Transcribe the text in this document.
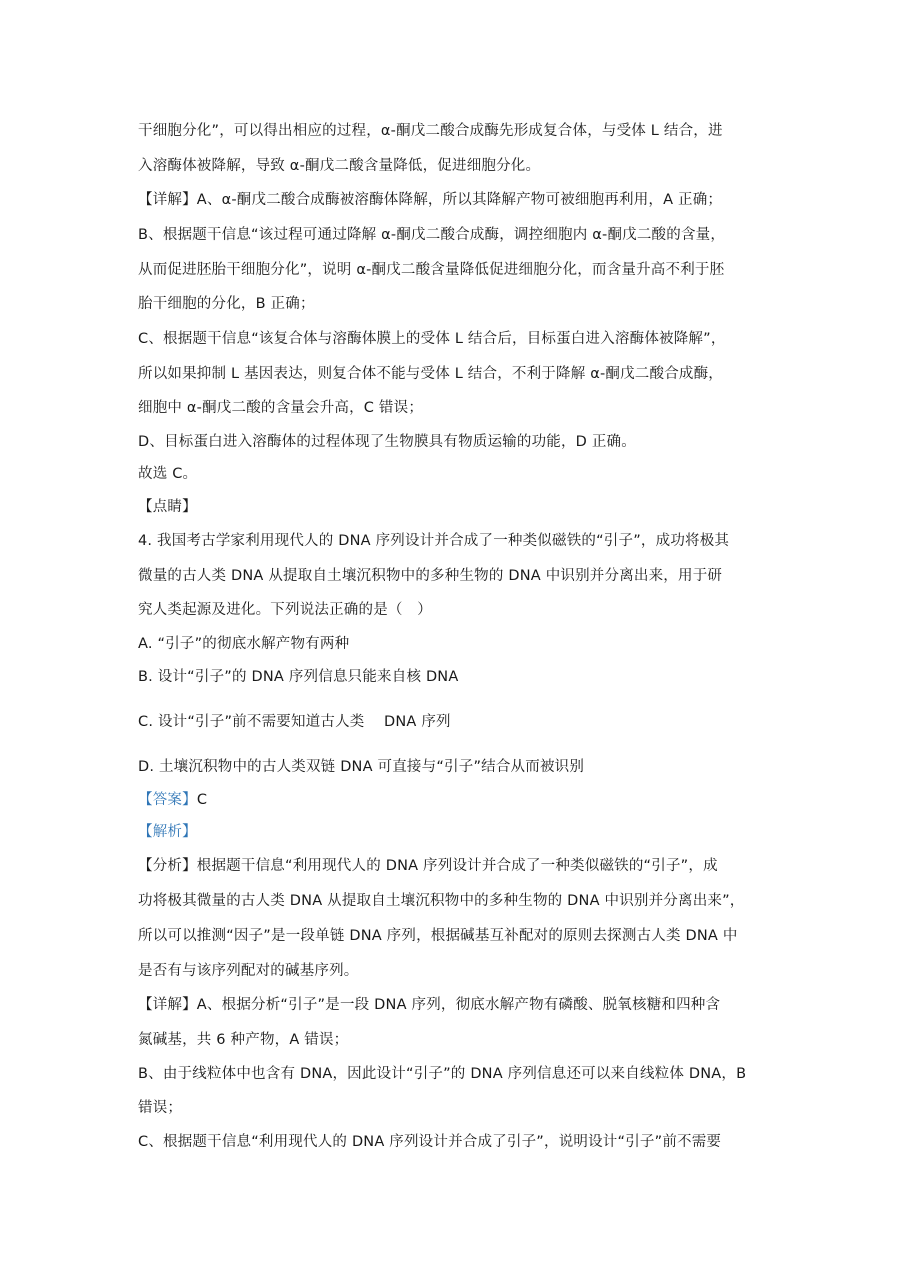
干细胞分化”，可以得出相应的过程，α-酮戊二酸合成酶先形成复合体，与受体 L 结合，进
入溶酶体被降解，导致 α-酮戊二酸含量降低，促进细胞分化。
【详解】A、α-酮戊二酸合成酶被溶酶体降解，所以其降解产物可被细胞再利用，A 正确；
B、根据题干信息“该过程可通过降解 α-酮戊二酸合成酶，调控细胞内 α-酮戊二酸的含量，
从而促进胚胎干细胞分化”，说明 α-酮戊二酸含量降低促进细胞分化，而含量升高不利于胚
胎干细胞的分化，B 正确；
C、根据题干信息“该复合体与溶酶体膜上的受体 L 结合后，目标蛋白进入溶酶体被降解”，
所以如果抑制 L 基因表达，则复合体不能与受体 L 结合，不利于降解 α-酮戊二酸合成酶，
细胞中 α-酮戊二酸的含量会升高，C 错误；
D、目标蛋白进入溶酶体的过程体现了生物膜具有物质运输的功能，D 正确。
故选 C。
【点睛】
4. 我国考古学家利用现代人的 DNA 序列设计并合成了一种类似磁铁的“引子”，成功将极其
微量的古人类 DNA 从提取自土壤沉积物中的多种生物的 DNA 中识别并分离出来，用于研
究人类起源及进化。下列说法正确的是（　）
A. “引子”的彻底水解产物有两种
B. 设计“引子”的 DNA 序列信息只能来自核 DNA
C. 设计“引子”前不需要知道古人类　 DNA 序列
D. 土壤沉积物中的古人类双链 DNA 可直接与“引子”结合从而被识别
【答案】C
【解析】
【分析】根据题干信息“利用现代人的 DNA 序列设计并合成了一种类似磁铁的“引子”，成
功将极其微量的古人类 DNA 从提取自土壤沉积物中的多种生物的 DNA 中识别并分离出来”，
所以可以推测“因子”是一段单链 DNA 序列，根据碱基互补配对的原则去探测古人类 DNA 中
是否有与该序列配对的碱基序列。
【详解】A、根据分析“引子”是一段 DNA 序列，彻底水解产物有磷酸、脱氧核糖和四种含
氮碱基，共 6 种产物，A 错误；
B、由于线粒体中也含有 DNA，因此设计“引子”的 DNA 序列信息还可以来自线粒体 DNA，B
错误；
C、根据题干信息“利用现代人的 DNA 序列设计并合成了引子”，说明设计“引子”前不需要
